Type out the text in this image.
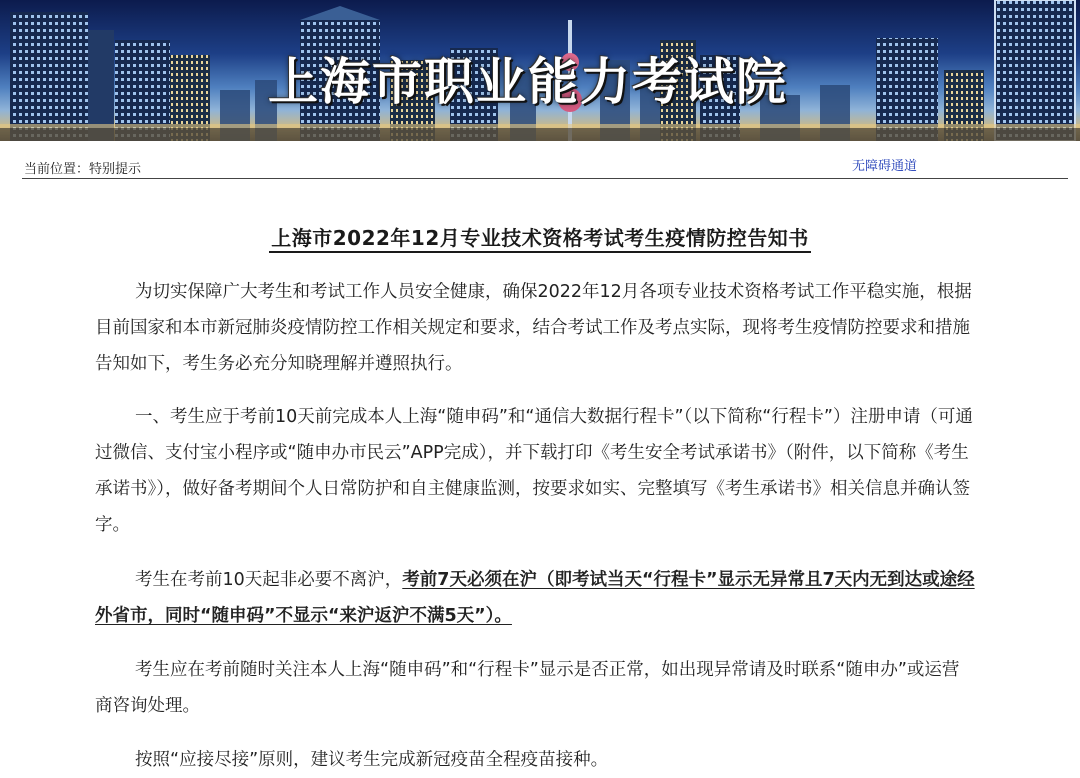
上海市职业能力考试院
当前位置：特别提示	无障碍通道
上海市2022年12月专业技术资格考试考生疫情防控告知书

为切实保障广大考生和考试工作人员安全健康，确保2022年12月各项专业技术资格考试工作平稳实施，根据目前国家和本市新冠肺炎疫情防控工作相关规定和要求，结合考试工作及考点实际，现将考生疫情防控要求和措施告知如下，考生务必充分知晓理解并遵照执行。

一、考生应于考前10天前完成本人上海“随申码”和“通信大数据行程卡”（以下简称“行程卡”）注册申请（可通过微信、支付宝小程序或“随申办市民云”APP完成），并下载打印《考生安全考试承诺书》（附件，以下简称《考生承诺书》），做好备考期间个人日常防护和自主健康监测，按要求如实、完整填写《考生承诺书》相关信息并确认签字。

考生在考前10天起非必要不离沪，考前7天必须在沪（即考试当天“行程卡”显示无异常且7天内无到达或途经外省市，同时“随申码”不显示“来沪返沪不满5天”）。

考生应在考前随时关注本人上海“随申码”和“行程卡”显示是否正常，如出现异常请及时联系“随申办”或运营商咨询处理。

按照“应接尽接”原则，建议考生完成新冠疫苗全程疫苗接种。
